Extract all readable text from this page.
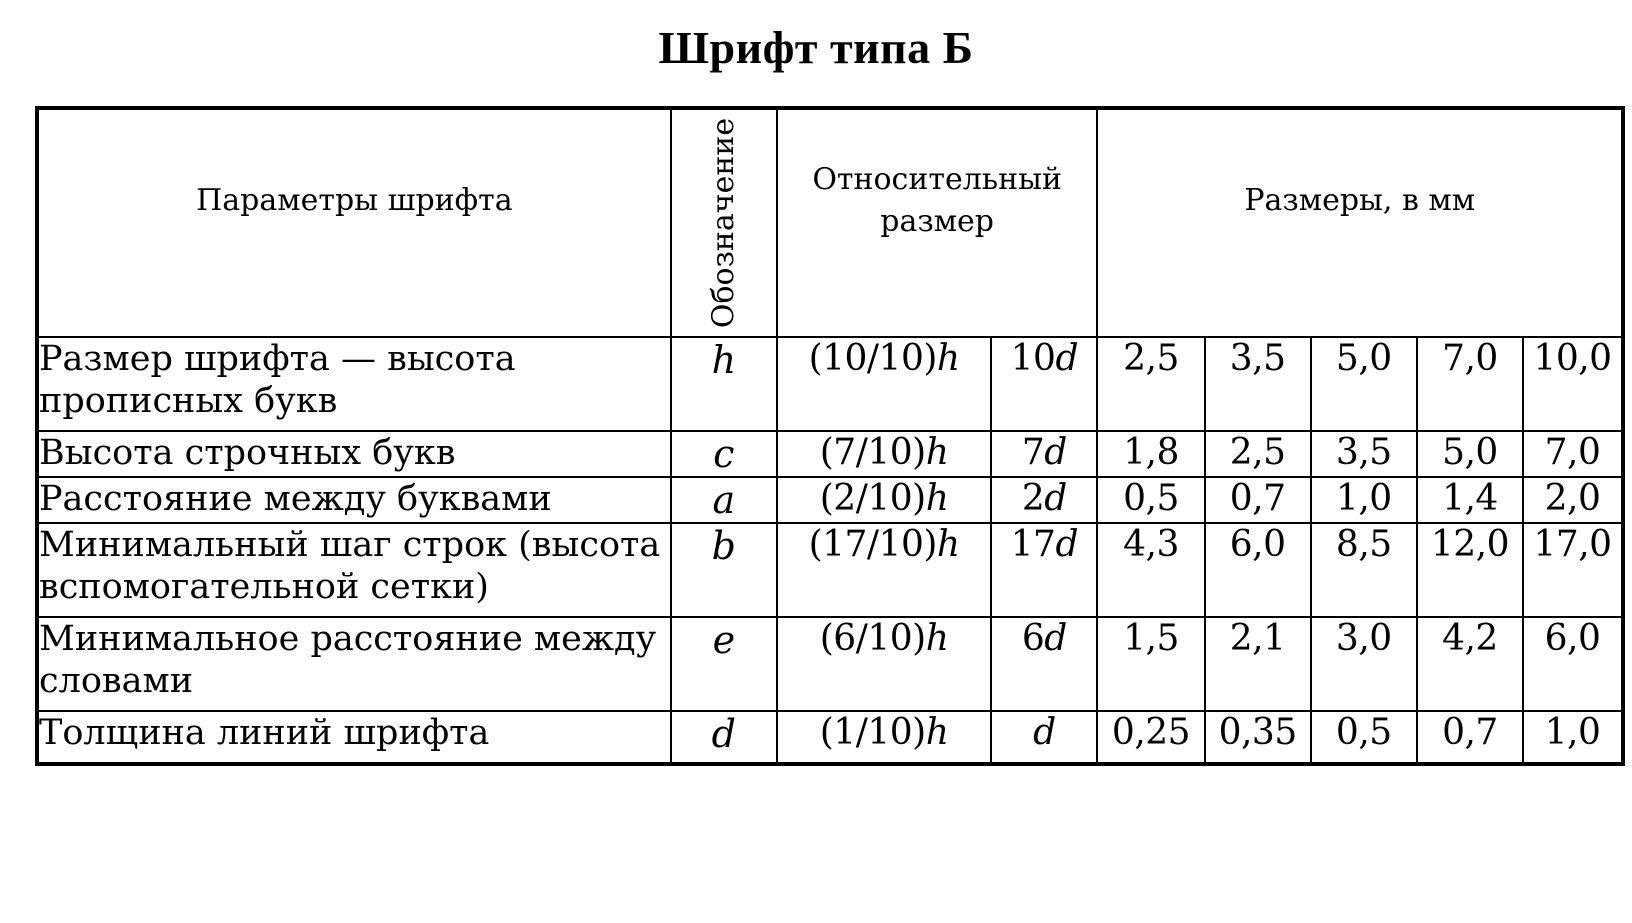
Шрифт типа Б
Параметры шрифта	Обозначение	Относительный размер		Размеры, в мм				
Размер шрифта — высота прописных букв	h	(10/10)h	10d	2,5	3,5	5,0	7,0	10,0
Высота строчных букв	c	(7/10)h	7d	1,8	2,5	3,5	5,0	7,0
Расстояние между буквами	a	(2/10)h	2d	0,5	0,7	1,0	1,4	2,0
Минимальный шаг строк (высота вспомогательной сетки)	b	(17/10)h	17d	4,3	6,0	8,5	12,0	17,0
Минимальное расстояние между словами	e	(6/10)h	6d	1,5	2,1	3,0	4,2	6,0
Толщина линий шрифта	d	(1/10)h	d	0,25	0,35	0,5	0,7	1,0
